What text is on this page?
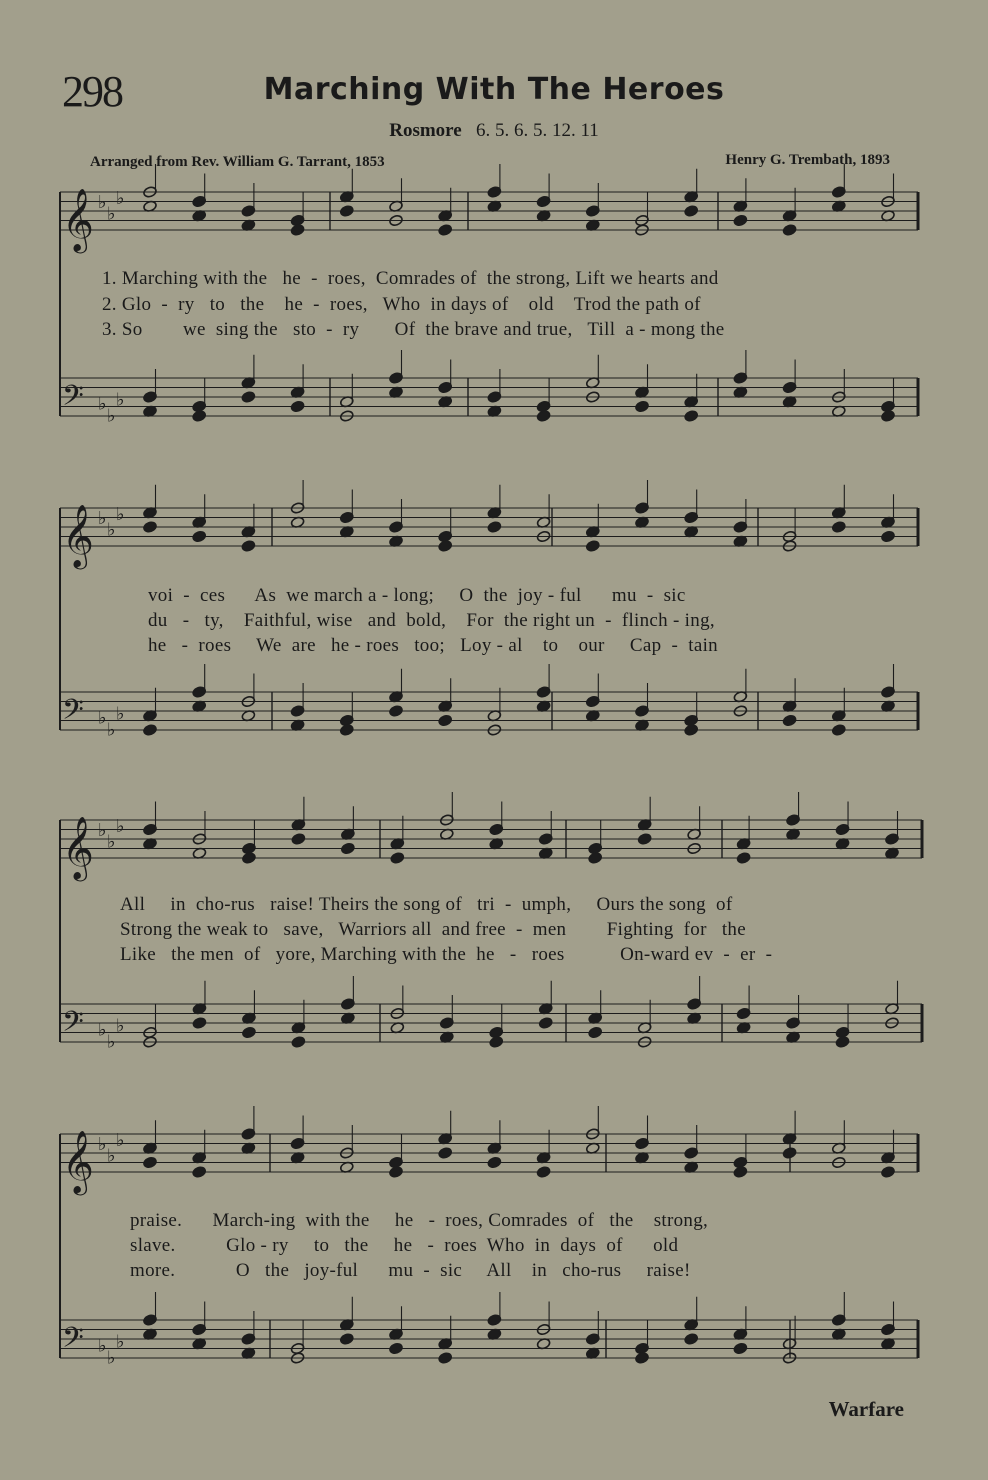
298	Marching With The Heroes
Rosmore 6. 5. 6. 5. 12. 11
Arranged from Rev. William G. Tarrant, 1853	Henry G. Trembath, 1893
𝄞 ♭
♭
♭
𝄢 ♭
♭
♭
𝄞 ♭
♭
♭
𝄢 ♭
♭
♭
𝄞 ♭
♭
♭
𝄢 ♭
♭
♭
𝄞 ♭
♭
♭
𝄢 ♭
♭
♭
1. Marching with the   he  -  roes,  Comrades of  the strong, Lift we hearts and
2. Glo  -  ry   to   the    he  -  roes,   Who  in days of    old    Trod the path of
3. So        we  sing the   sto  -  ry       Of  the brave and true,   Till  a - mong the
voi  -  ces      As  we march a - long;     O  the  joy - ful      mu  -  sic
du   -   ty,    Faithful, wise   and  bold,    For  the right un  -  flinch - ing,
he   -  roes     We  are   he - roes   too;   Loy - al    to    our     Cap  -  tain
All     in  cho-rus   raise! Theirs the song of   tri  -  umph,     Ours the song  of
Strong the weak to   save,   Warriors all  and free  -  men        Fighting  for   the
Like   the men  of   yore, Marching with the  he   -   roes           On-ward ev  -  er  -
praise.      March-ing  with the     he   -  roes, Comrades  of   the    strong,
slave.          Glo - ry     to   the     he   -  roes  Who  in  days  of      old
more.            O   the   joy-ful      mu  -  sic     All    in   cho-rus     raise!
Warfare
